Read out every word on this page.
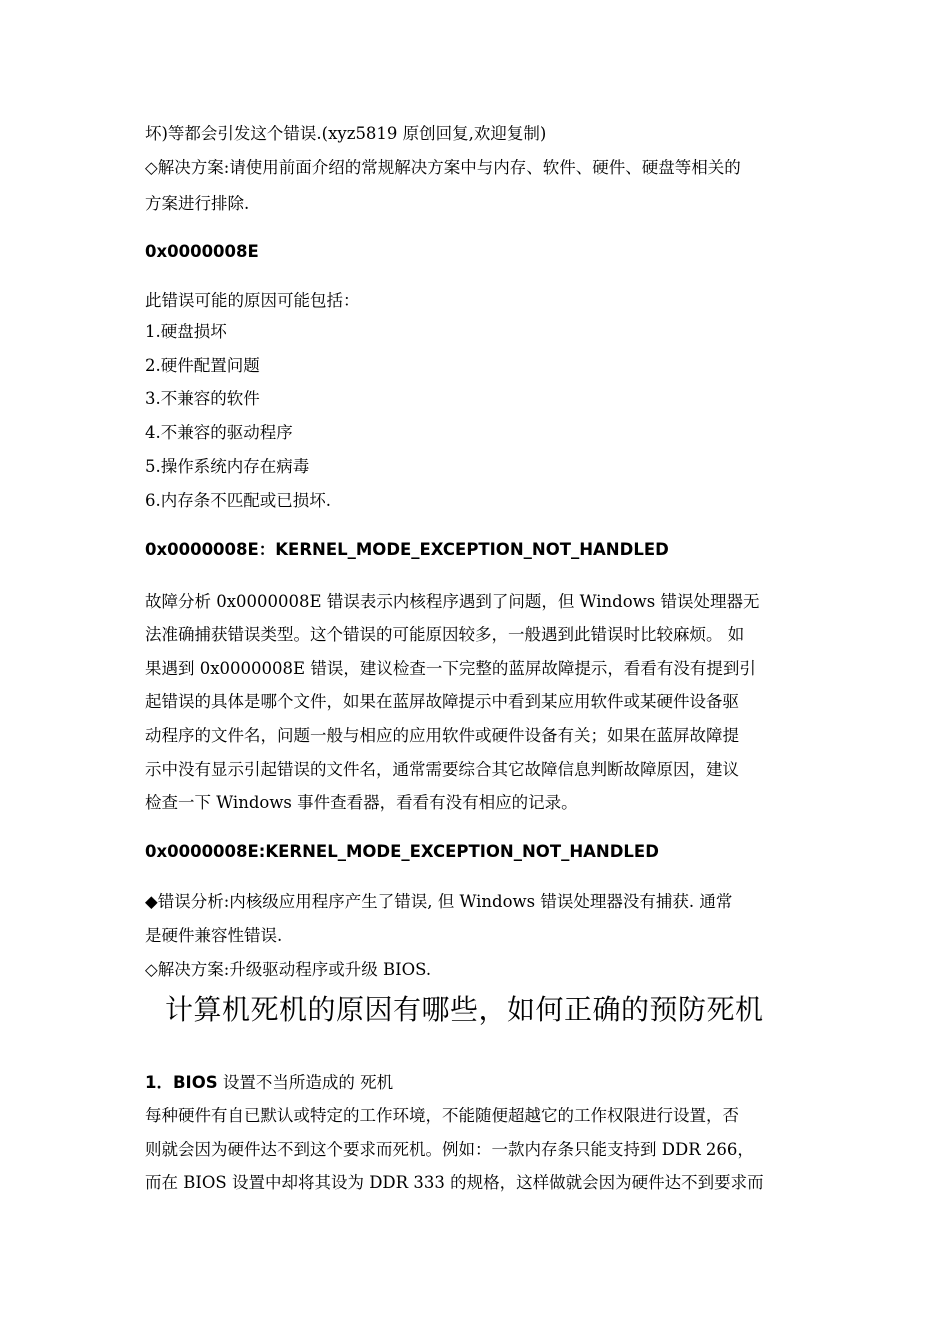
坏)等都会引发这个错误.(xyz5819 原创回复,欢迎复制)
◇解决方案:请使用前面介绍的常规解决方案中与内存、软件、硬件、硬盘等相关的
方案进行排除.
0x0000008E
此错误可能的原因可能包括：
1.硬盘损坏
2.硬件配置问题
3.不兼容的软件
4.不兼容的驱动程序
5.操作系统内存在病毒
6.内存条不匹配或已损坏.
0x0000008E：KERNEL_MODE_EXCEPTION_NOT_HANDLED
故障分析 0x0000008E 错误表示内核程序遇到了问题，但 Windows 错误处理器无
法准确捕获错误类型。这个错误的可能原因较多，一般遇到此错误时比较麻烦。 如
果遇到 0x0000008E 错误，建议检查一下完整的蓝屏故障提示，看看有没有提到引
起错误的具体是哪个文件，如果在蓝屏故障提示中看到某应用软件或某硬件设备驱
动程序的文件名，问题一般与相应的应用软件或硬件设备有关；如果在蓝屏故障提
示中没有显示引起错误的文件名，通常需要综合其它故障信息判断故障原因，建议
检查一下 Windows 事件查看器，看看有没有相应的记录。
0x0000008E:KERNEL_MODE_EXCEPTION_NOT_HANDLED
◆错误分析:内核级应用程序产生了错误, 但 Windows 错误处理器没有捕获. 通常
是硬件兼容性错误.
◇解决方案:升级驱动程序或升级 BIOS.
计算机死机的原因有哪些，如何正确的预防死机
1．BIOS 设置不当所造成的 死机
每种硬件有自已默认或特定的工作环境，不能随便超越它的工作权限进行设置，否
则就会因为硬件达不到这个要求而死机。例如：一款内存条只能支持到 DDR 266，
而在 BIOS 设置中却将其设为 DDR 333 的规格，这样做就会因为硬件达不到要求而
